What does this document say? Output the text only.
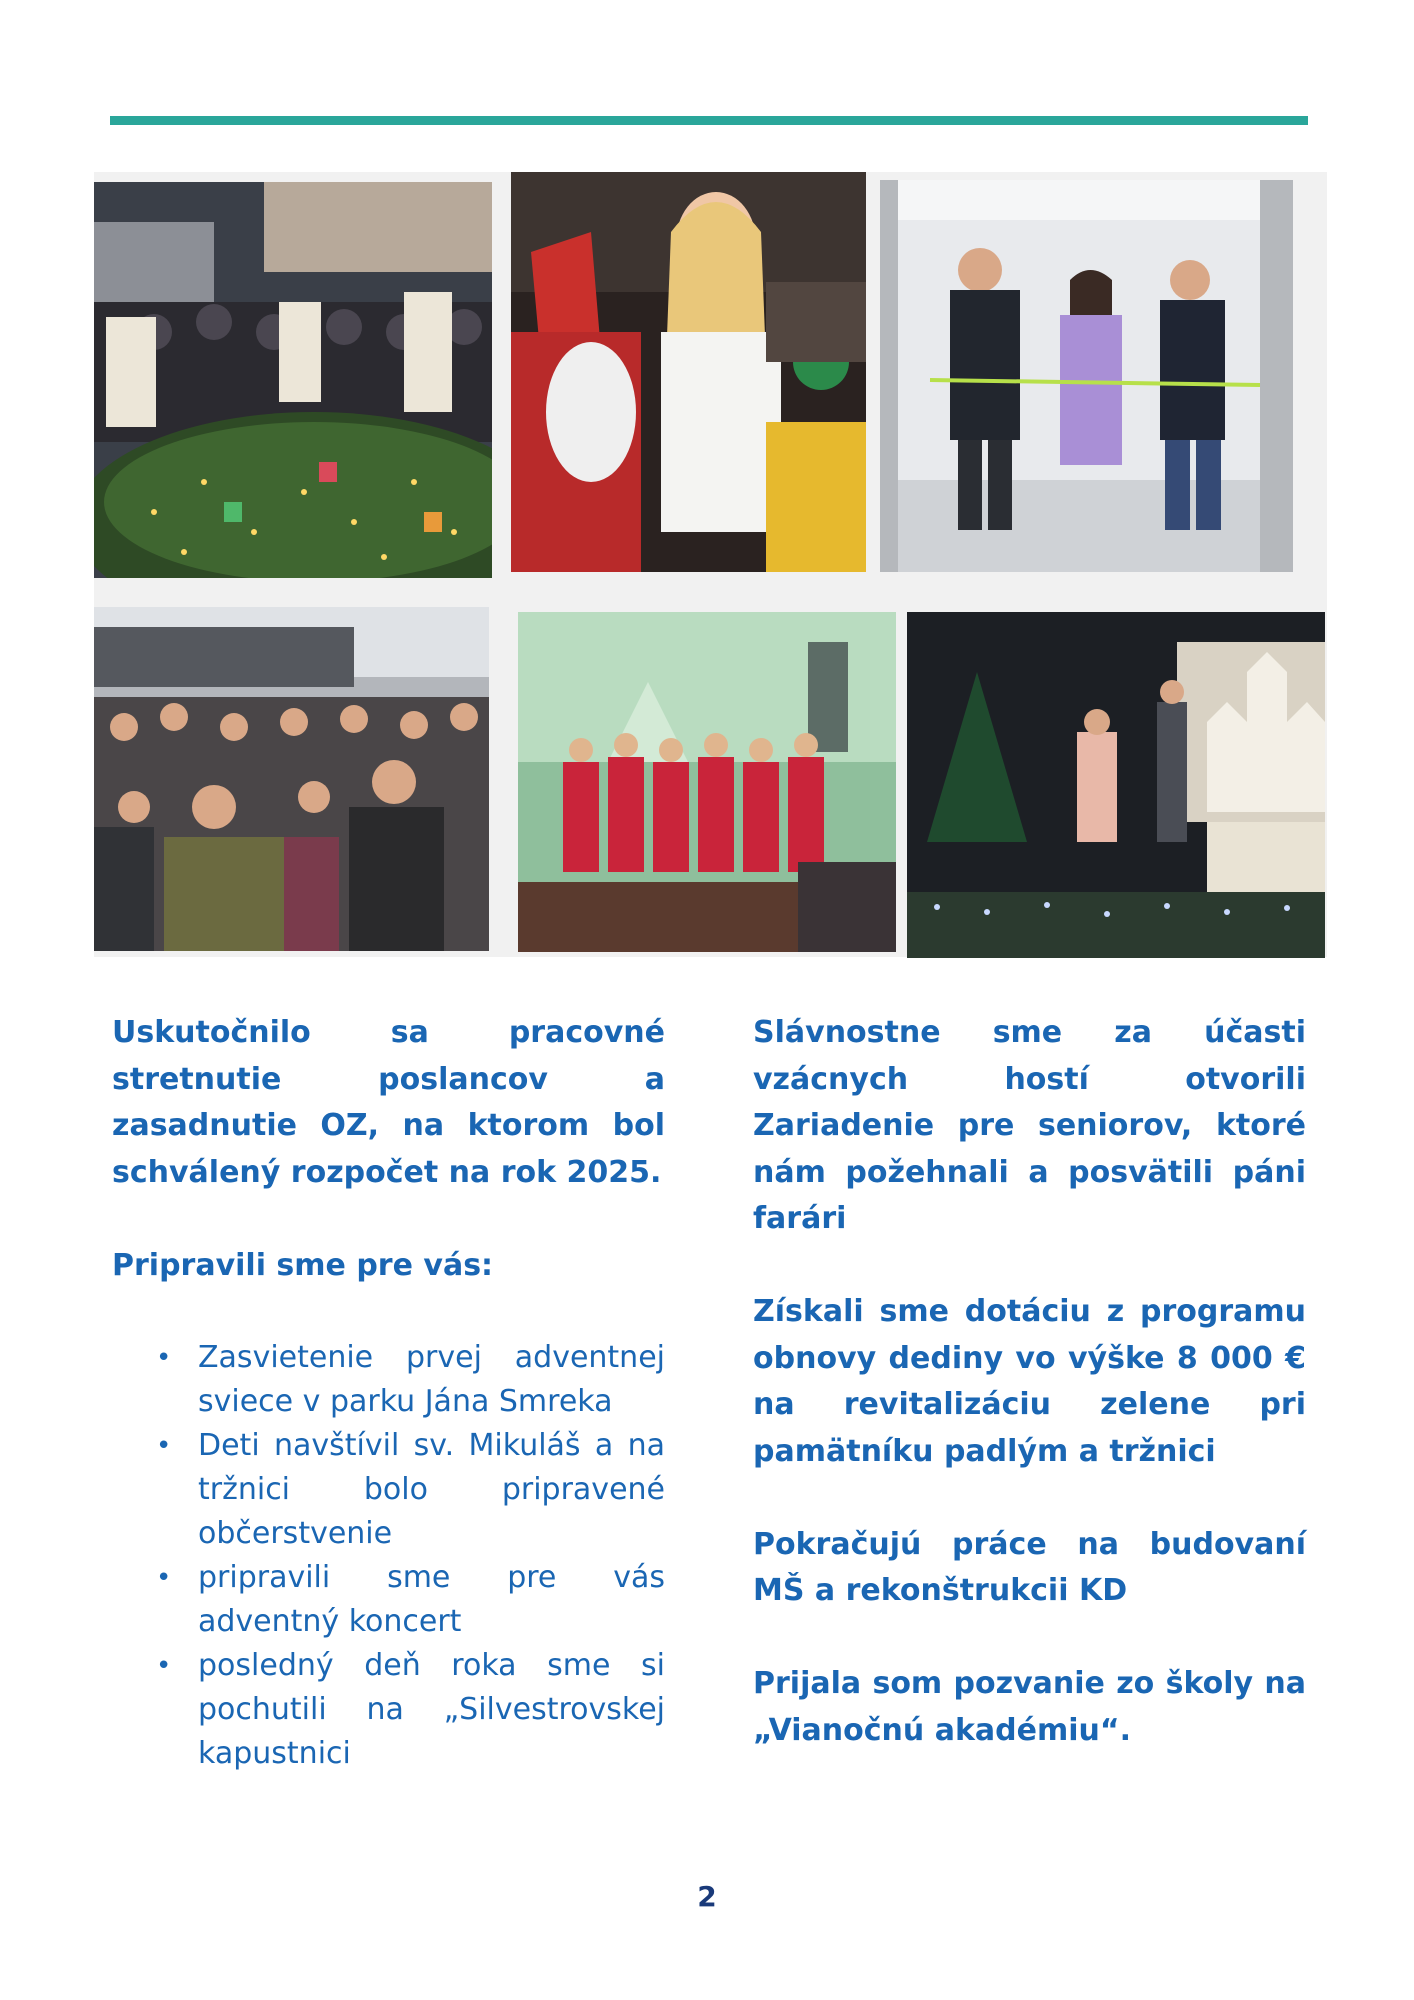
Uskutočnilo sa pracovné stretnutie poslancov a zasadnutie OZ, na ktorom bol schválený rozpočet na rok 2025.

Pripravili sme pre vás:

• Zasvietenie prvej adventnej sviece v parku Jána Smreka
• Deti navštívil sv. Mikuláš a na tržnici bolo pripravené občerstvenie
• pripravili sme pre vás adventný koncert
• posledný deň roka sme si pochutili na „Silvestrovskej kapustnici

Slávnostne sme za účasti vzácnych hostí otvorili Zariadenie pre seniorov, ktoré nám požehnali a posvätili páni farári

Získali sme dotáciu z programu obnovy dediny vo výške 8 000 € na revitalizáciu zelene pri pamätníku padlým a tržnici

Pokračujú práce na budovaní MŠ a rekonštrukcii KD

Prijala som pozvanie zo školy na „Vianočnú akadémiu“.

2
